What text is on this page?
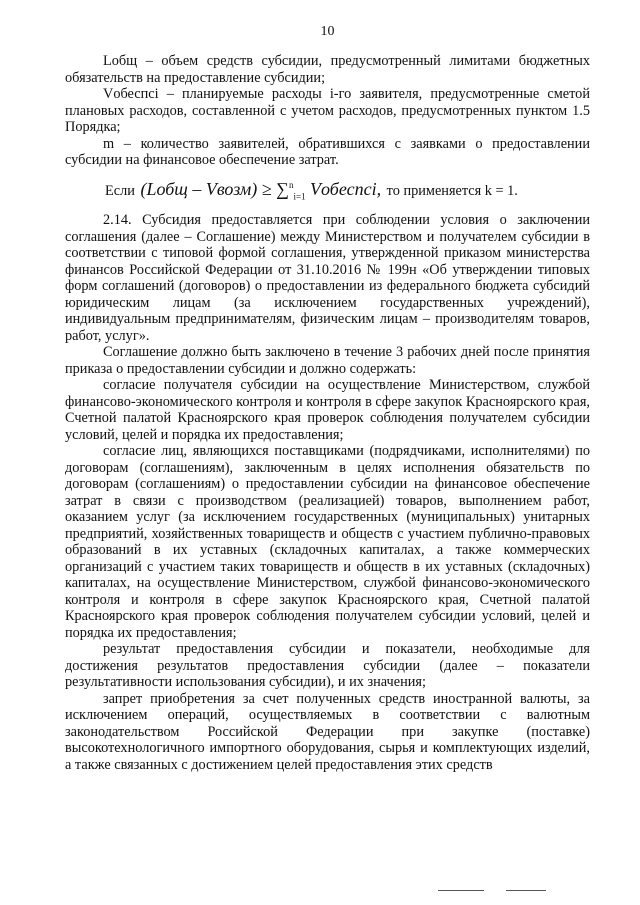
10

Lобщ – объем средств субсидии, предусмотренный лимитами бюджетных обязательств на предоставление субсидии;

Vобеспсi – планируемые расходы i-го заявителя, предусмотренные сметой плановых расходов, составленной с учетом расходов, предусмотренных пунктом 1.5 Порядка;

m – количество заявителей, обратившихся с заявками о предоставлении субсидии на финансовое обеспечение затрат.

Если (Lобщ – Vвозм) ≥ ∑$^n_{i=1}$ Vобеспсi, то применяется k = 1.

2.14. Субсидия предоставляется при соблюдении условия о заключении соглашения (далее – Соглашение) между Министерством и получателем субсидии в соответствии с типовой формой соглашения, утвержденной приказом министерства финансов Российской Федерации от 31.10.2016 № 199н «Об утверждении типовых форм соглашений (договоров) о предоставлении из федерального бюджета субсидий юридическим лицам (за исключением государственных учреждений), индивидуальным предпринимателям, физическим лицам – производителям товаров, работ, услуг».

Соглашение должно быть заключено в течение 3 рабочих дней после принятия приказа о предоставлении субсидии и должно содержать:

согласие получателя субсидии на осуществление Министерством, службой финансово-экономического контроля и контроля в сфере закупок Красноярского края, Счетной палатой Красноярского края проверок соблюдения получателем субсидии условий, целей и порядка их предоставления;

согласие лиц, являющихся поставщиками (подрядчиками, исполнителями) по договорам (соглашениям), заключенным в целях исполнения обязательств по договорам (соглашениям) о предоставлении субсидии на финансовое обеспечение затрат в связи с производством (реализацией) товаров, выполнением работ, оказанием услуг (за исключением государственных (муниципальных) унитарных предприятий, хозяйственных товариществ и обществ с участием публично-правовых образований в их уставных (складочных капиталах, а также коммерческих организаций с участием таких товариществ и обществ в их уставных (складочных) капиталах, на осуществление Министерством, службой финансово-экономического контроля и контроля в сфере закупок Красноярского края, Счетной палатой Красноярского края проверок соблюдения получателем субсидии условий, целей и порядка их предоставления;

результат предоставления субсидии и показатели, необходимые для достижения результатов предоставления субсидии (далее – показатели результативности использования субсидии), и их значения;

запрет приобретения за счет полученных средств иностранной валюты, за исключением операций, осуществляемых в соответствии с валютным законодательством Российской Федерации при закупке (поставке) высокотехнологичного импортного оборудования, сырья и комплектующих изделий, а также связанных с достижением целей предоставления этих средств
